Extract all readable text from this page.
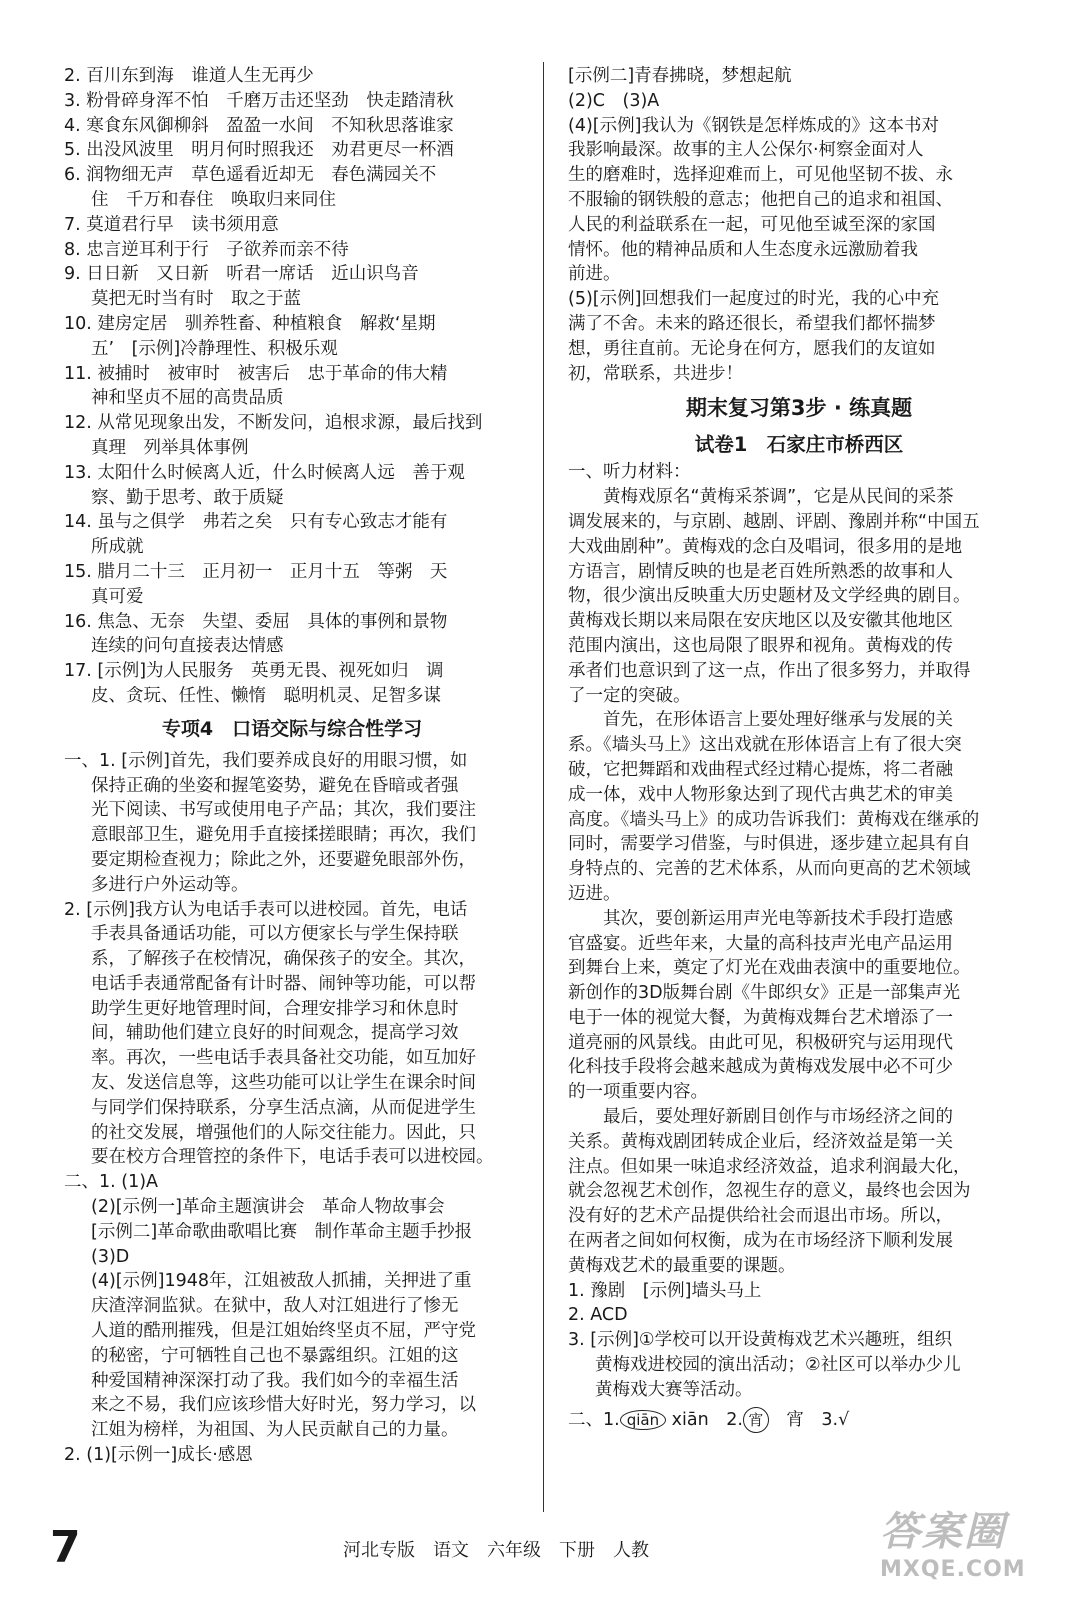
2. 百川东到海　谁道人生无再少

3. 粉骨碎身浑不怕　千磨万击还坚劲　快走踏清秋

4. 寒食东风御柳斜　盈盈一水间　不知秋思落谁家

5. 出没风波里　明月何时照我还　劝君更尽一杯酒

6. 润物细无声　草色遥看近却无　春色满园关不

住　千万和春住　唤取归来同住

7. 莫道君行早　读书须用意

8. 忠言逆耳利于行　子欲养而亲不待

9. 日日新　又日新　听君一席话　近山识鸟音

莫把无时当有时　取之于蓝

10. 建房定居　驯养牲畜、种植粮食　解救‘星期

五’　[示例]冷静理性、积极乐观

11. 被捕时　被审时　被害后　忠于革命的伟大精

神和坚贞不屈的高贵品质

12. 从常见现象出发，不断发问，追根求源，最后找到

真理　列举具体事例

13. 太阳什么时候离人近，什么时候离人远　善于观

察、勤于思考、敢于质疑

14. 虽与之俱学　弗若之矣　只有专心致志才能有

所成就

15. 腊月二十三　正月初一　正月十五　等粥　天

真可爱

16. 焦急、无奈　失望、委屈　具体的事例和景物

连续的问句直接表达情感

17. [示例]为人民服务　英勇无畏、视死如归　调

皮、贪玩、任性、懒惰　聪明机灵、足智多谋

专项4　口语交际与综合性学习

一、1. [示例]首先，我们要养成良好的用眼习惯，如

保持正确的坐姿和握笔姿势，避免在昏暗或者强

光下阅读、书写或使用电子产品；其次，我们要注

意眼部卫生，避免用手直接揉搓眼睛；再次，我们

要定期检查视力；除此之外，还要避免眼部外伤，

多进行户外运动等。

2. [示例]我方认为电话手表可以进校园。首先，电话

手表具备通话功能，可以方便家长与学生保持联

系，了解孩子在校情况，确保孩子的安全。其次，

电话手表通常配备有计时器、闹钟等功能，可以帮

助学生更好地管理时间，合理安排学习和休息时

间，辅助他们建立良好的时间观念，提高学习效

率。再次，一些电话手表具备社交功能，如互加好

友、发送信息等，这些功能可以让学生在课余时间

与同学们保持联系，分享生活点滴，从而促进学生

的社交发展，增强他们的人际交往能力。因此，只

要在校方合理管控的条件下，电话手表可以进校园。

二、1. (1)A

(2)[示例一]革命主题演讲会　革命人物故事会

[示例二]革命歌曲歌唱比赛　制作革命主题手抄报

(3)D

(4)[示例]1948年，江姐被敌人抓捕，关押进了重

庆渣滓洞监狱。在狱中，敌人对江姐进行了惨无

人道的酷刑摧残，但是江姐始终坚贞不屈，严守党

的秘密，宁可牺牲自己也不暴露组织。江姐的这

种爱国精神深深打动了我。我们如今的幸福生活

来之不易，我们应该珍惜大好时光，努力学习，以

江姐为榜样，为祖国、为人民贡献自己的力量。

2. (1)[示例一]成长·感恩

[示例二]青春拂晓，梦想起航

(2)C　(3)A

(4)[示例]我认为《钢铁是怎样炼成的》这本书对

我影响最深。故事的主人公保尔·柯察金面对人

生的磨难时，选择迎难而上，可见他坚韧不拔、永

不服输的钢铁般的意志；他把自己的追求和祖国、

人民的利益联系在一起，可见他至诚至深的家国

情怀。他的精神品质和人生态度永远激励着我

前进。

(5)[示例]回想我们一起度过的时光，我的心中充

满了不舍。未来的路还很长，希望我们都怀揣梦

想，勇往直前。无论身在何方，愿我们的友谊如

初，常联系，共进步！

期末复习第3步 · 练真题

试卷1　石家庄市桥西区

一、听力材料：

黄梅戏原名“黄梅采茶调”，它是从民间的采茶

调发展来的，与京剧、越剧、评剧、豫剧并称“中国五

大戏曲剧种”。黄梅戏的念白及唱词，很多用的是地

方语言，剧情反映的也是老百姓所熟悉的故事和人

物，很少演出反映重大历史题材及文学经典的剧目。

黄梅戏长期以来局限在安庆地区以及安徽其他地区

范围内演出，这也局限了眼界和视角。黄梅戏的传

承者们也意识到了这一点，作出了很多努力，并取得

了一定的突破。

首先，在形体语言上要处理好继承与发展的关

系。《墙头马上》这出戏就在形体语言上有了很大突

破，它把舞蹈和戏曲程式经过精心提炼，将二者融

成一体，戏中人物形象达到了现代古典艺术的审美

高度。《墙头马上》的成功告诉我们：黄梅戏在继承的

同时，需要学习借鉴，与时俱进，逐步建立起具有自

身特点的、完善的艺术体系，从而向更高的艺术领域

迈进。

其次，要创新运用声光电等新技术手段打造感

官盛宴。近些年来，大量的高科技声光电产品运用

到舞台上来，奠定了灯光在戏曲表演中的重要地位。

新创作的3D版舞台剧《牛郎织女》正是一部集声光

电于一体的视觉大餐，为黄梅戏舞台艺术增添了一

道亮丽的风景线。由此可见，积极研究与运用现代

化科技手段将会越来越成为黄梅戏发展中必不可少

的一项重要内容。

最后，要处理好新剧目创作与市场经济之间的

关系。黄梅戏剧团转成企业后，经济效益是第一关

注点。但如果一味追求经济效益，追求利润最大化，

就会忽视艺术创作，忽视生存的意义，最终也会因为

没有好的艺术产品提供给社会而退出市场。所以，

在两者之间如何权衡，成为在市场经济下顺利发展

黄梅戏艺术的最重要的课题。

1. 豫剧　[示例]墙头马上

2. ACD

3. [示例]①学校可以开设黄梅戏艺术兴趣班，组织

黄梅戏进校园的演出活动；②社区可以举办少儿

黄梅戏大赛等活动。

二、1. qiān xiān　 2. 宵　 宵　 3.√

7	河北专版　语文　六年级　下册　人教	答案圈
MXQE.COM
